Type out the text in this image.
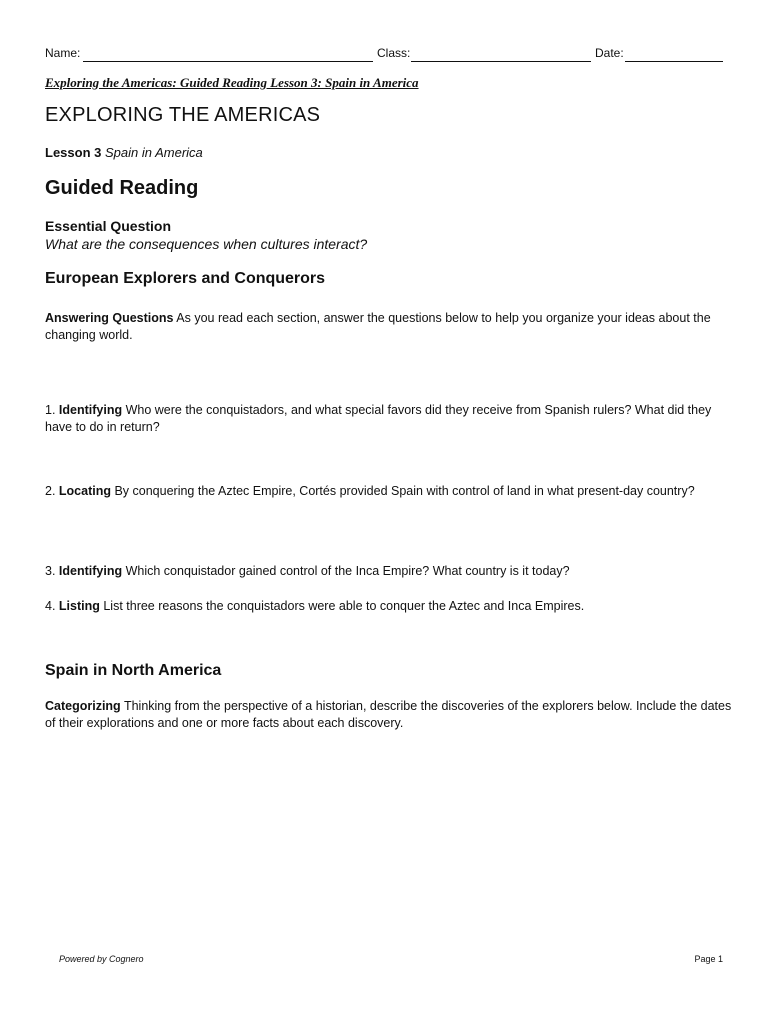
Name:	Class:	Date:
Exploring the Americas: Guided Reading Lesson 3: Spain in America
EXPLORING THE AMERICAS
Lesson 3 Spain in America
Guided Reading
Essential Question
What are the consequences when cultures interact?
European Explorers and Conquerors
Answering Questions As you read each section, answer the questions below to help you organize your ideas about the changing world.
1. Identifying Who were the conquistadors, and what special favors did they receive from Spanish rulers? What did they have to do in return?
2. Locating By conquering the Aztec Empire, Cortés provided Spain with control of land in what present-day country?
3. Identifying Which conquistador gained control of the Inca Empire? What country is it today?
4. Listing List three reasons the conquistadors were able to conquer the Aztec and Inca Empires.
Spain in North America
Categorizing Thinking from the perspective of a historian, describe the discoveries of the explorers below. Include the dates of their explorations and one or more facts about each discovery.
Powered by Cognero	Page 1
